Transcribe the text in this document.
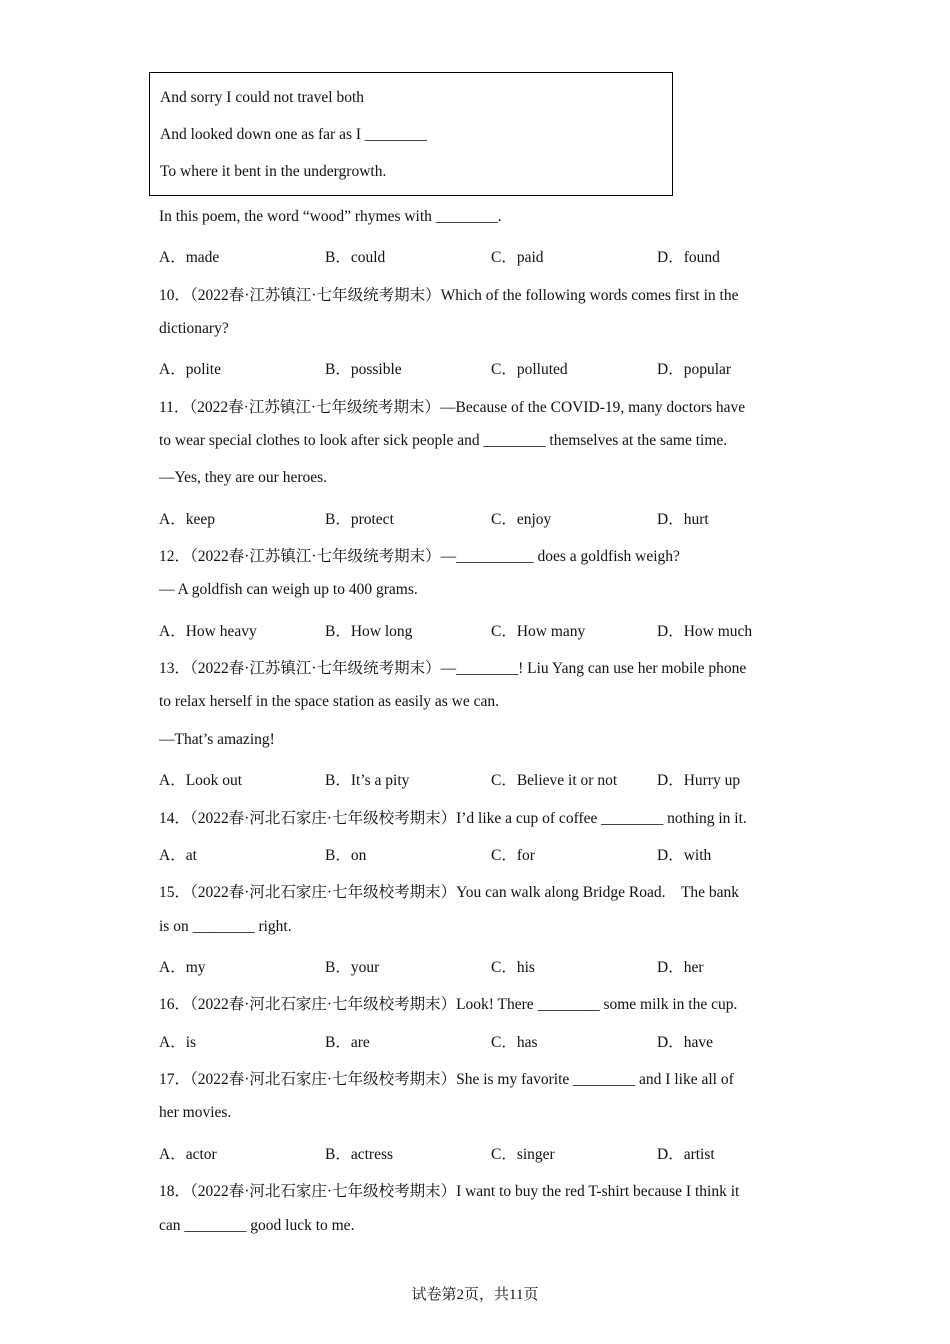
And sorry I could not travel both
And looked down one as far as I ________
To where it bent in the undergrowth.
In this poem, the word “wood” rhymes with ________.
A．made	B．could	C．paid	D．found
10．（2022春·江苏镇江·七年级统考期末）Which of the following words comes first in the
dictionary?
A．polite	B．possible	C．polluted	D．popular
11．（2022春·江苏镇江·七年级统考期末）—Because of the COVID-19, many doctors have
to wear special clothes to look after sick people and ________ themselves at the same time.
—Yes, they are our heroes.
A．keep	B．protect	C．enjoy	D．hurt
12．（2022春·江苏镇江·七年级统考期末）—__________ does a goldfish weigh?
— A goldfish can weigh up to 400 grams.
A．How heavy	B．How long	C．How many	D．How much
13．（2022春·江苏镇江·七年级统考期末）—________! Liu Yang can use her mobile phone
to relax herself in the space station as easily as we can.
—That’s amazing!
A．Look out	B．It’s a pity	C．Believe it or not	D．Hurry up
14．（2022春·河北石家庄·七年级校考期末）I’d like a cup of coffee ________ nothing in it.
A．at	B．on	C．for	D．with
15．（2022春·河北石家庄·七年级校考期末）You can walk along Bridge Road.　The bank
is on ________ right.
A．my	B．your	C．his	D．her
16．（2022春·河北石家庄·七年级校考期末）Look! There ________ some milk in the cup.
A．is	B．are	C．has	D．have
17．（2022春·河北石家庄·七年级校考期末）She is my favorite ________ and I like all of
her movies.
A．actor	B．actress	C．singer	D．artist
18．（2022春·河北石家庄·七年级校考期末）I want to buy the red T-shirt because I think it
can ________ good luck to me.
试卷第2页，共11页
